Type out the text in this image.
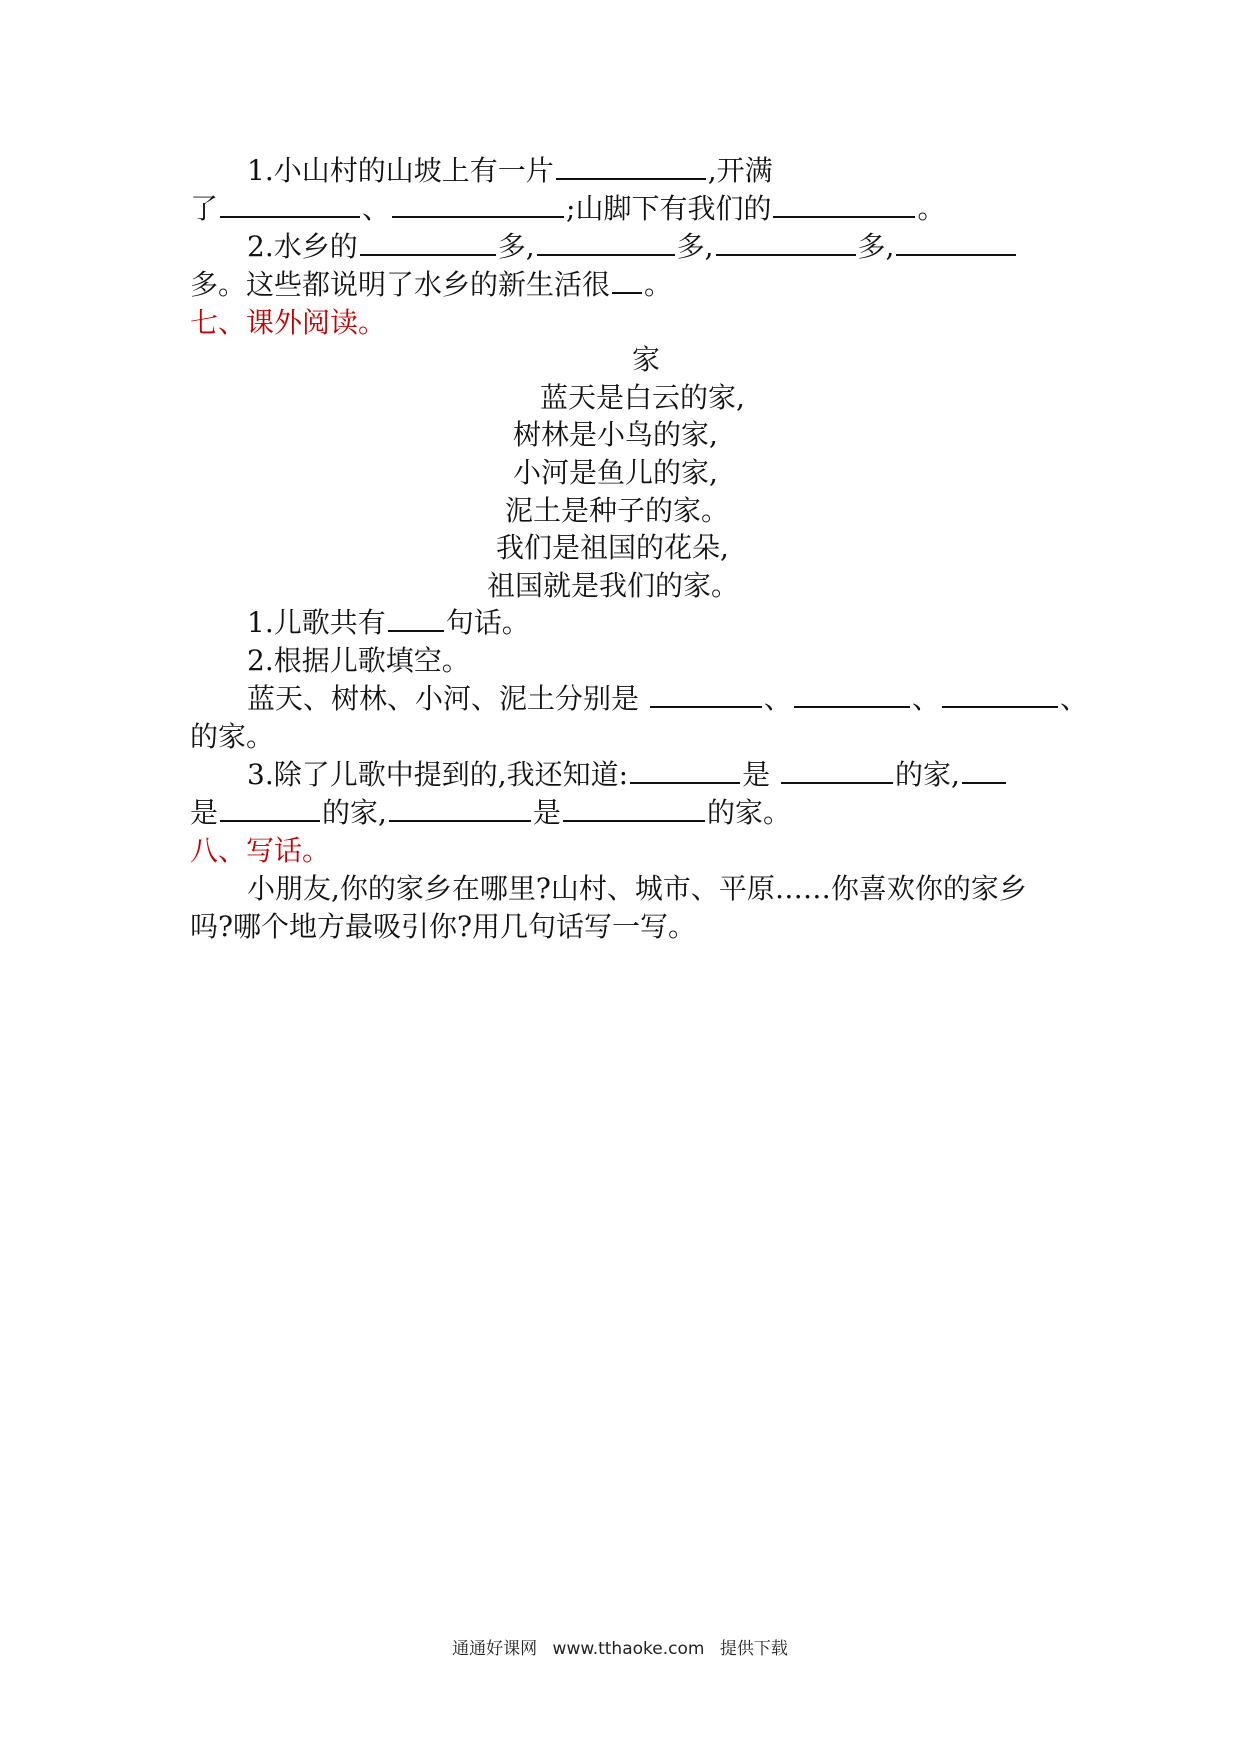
1.小山村的山坡上有一片	,开满
了	、	;山脚下有我们的	。
2.水乡的	多,	多,	多,
多。这些都说明了水乡的新生活很 。
七、课外阅读。
家
蓝天是白云的家,
树林是小鸟的家,
小河是鱼儿的家,
泥土是种子的家。
我们是祖国的花朵,
祖国就是我们的家。
1.儿歌共有 句话。
2.根据儿歌填空。
蓝天、树林、小河、泥土分别是	、	、	、
的家。
3.除了儿歌中提到的,我还知道:	是	的家,
是	的家,	是	的家。
八、写话。
小朋友,你的家乡在哪里?山村、城市、平原……你喜欢你的家乡
吗?哪个地方最吸引你?用几句话写一写。
通通好课网 www.tthaoke.com 提供下载
